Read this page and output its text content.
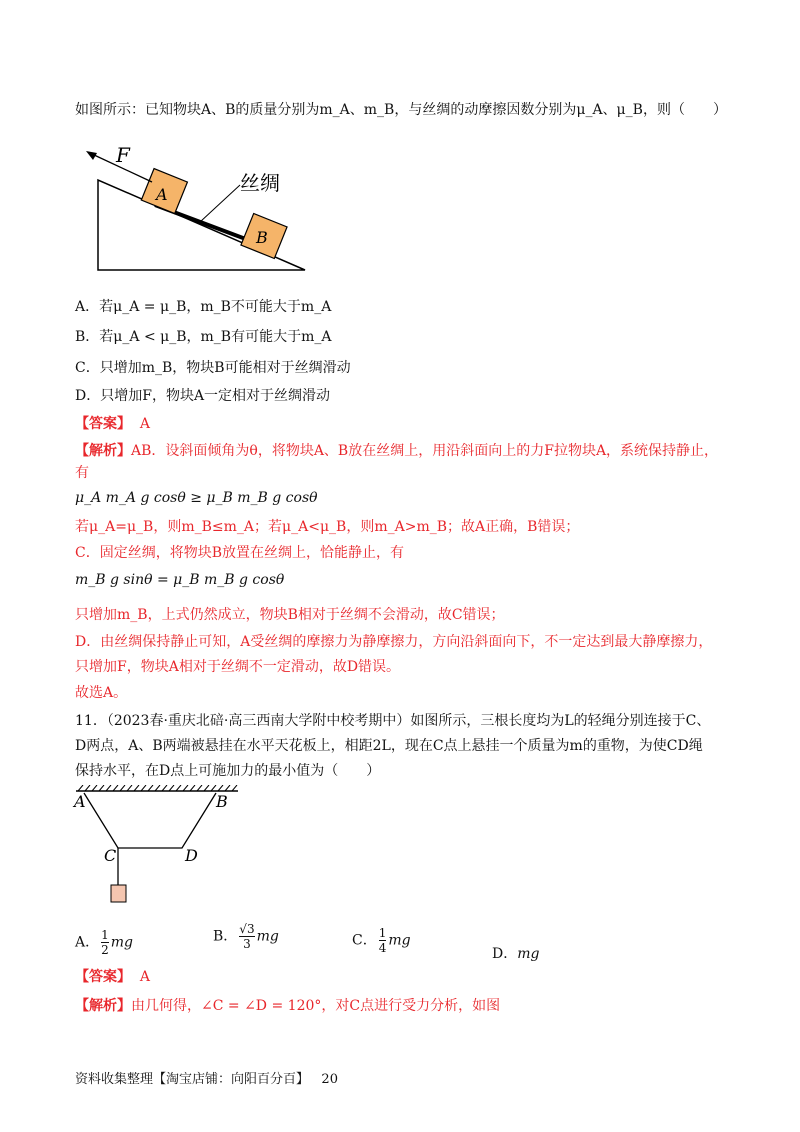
如图所示：已知物块A、B的质量分别为m_A、m_B，与丝绸的动摩擦因数分别为μ_A、μ_B，则（　　）
A
B
F
丝绸
A．若μ_A = μ_B，m_B不可能大于m_A
B．若μ_A < μ_B，m_B有可能大于m_A
C．只增加m_B，物块B可能相对于丝绸滑动
D．只增加F，物块A一定相对于丝绸滑动
【答案】 A
【解析】AB．设斜面倾角为θ，将物块A、B放在丝绸上，用沿斜面向上的力F拉物块A，系统保持静止，
有
μ_A m_A g cosθ ≥ μ_B m_B g cosθ
若μ_A=μ_B，则m_B≤m_A；若μ_A<μ_B，则m_A>m_B；故A正确，B错误；
C．固定丝绸，将物块B放置在丝绸上，恰能静止，有
m_B g sinθ = μ_B m_B g cosθ
只增加m_B，上式仍然成立，物块B相对于丝绸不会滑动，故C错误；
D．由丝绸保持静止可知，A受丝绸的摩擦力为静摩擦力，方向沿斜面向下，不一定达到最大静摩擦力，
只增加F，物块A相对于丝绸不一定滑动，故D错误。
故选A。
11．（2023春·重庆北碚·高三西南大学附中校考期中）如图所示，三根长度均为L的轻绳分别连接于C、
D两点，A、B两端被悬挂在水平天花板上，相距2L，现在C点上悬挂一个质量为m的重物，为使CD绳
保持水平，在D点上可施加力的最小值为（　　）
A	B
C	D
A． $\frac{1}{2}$ mg	B． $\frac{√3}{3}$ mg	C． $\frac{1}{4}$ mg
D．mg
【答案】 A
【解析】由几何得，∠C = ∠D = 120°，对C点进行受力分析，如图
资料收集整理【淘宝店铺：向阳百分百】 20
